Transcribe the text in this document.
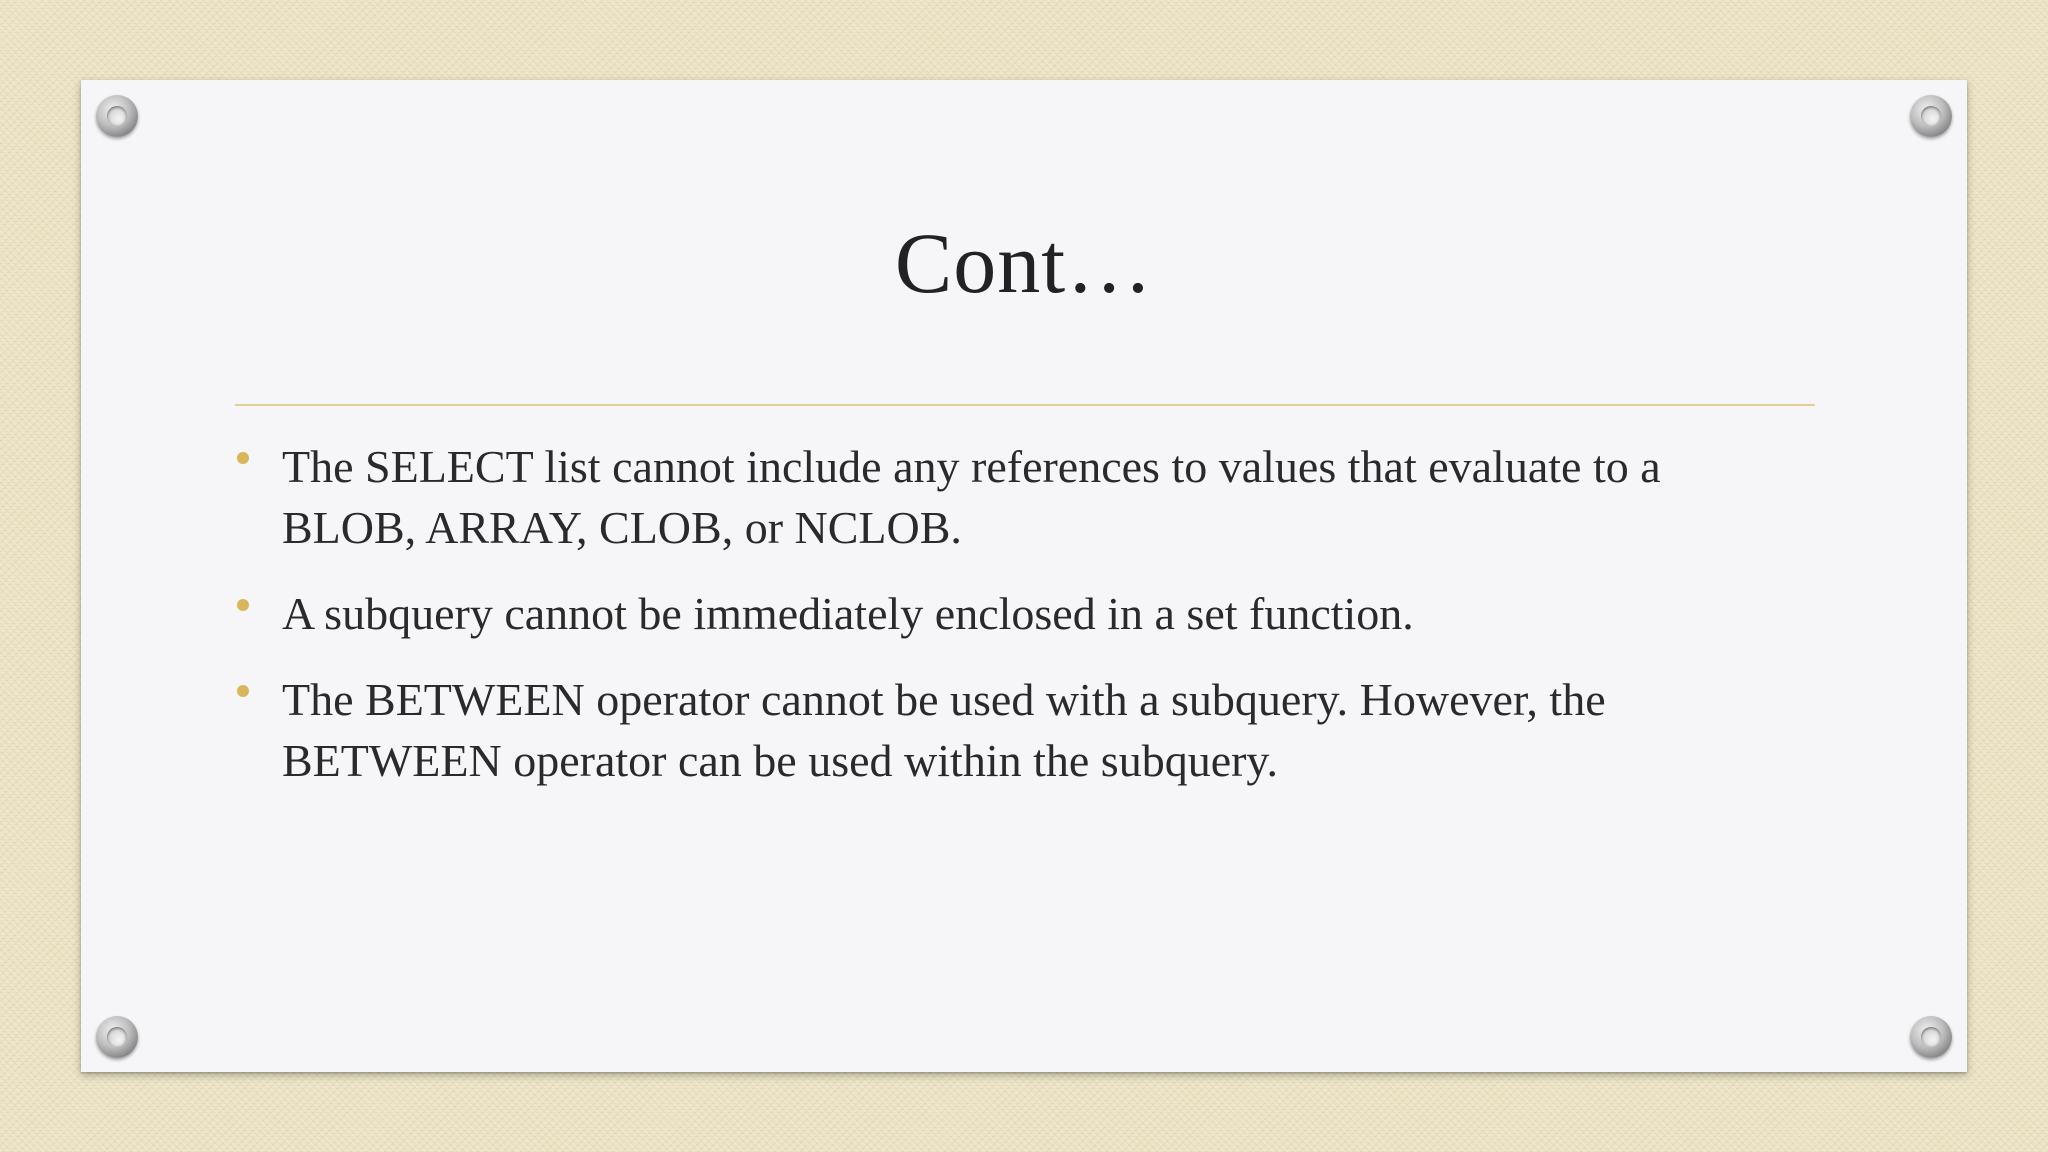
Cont…
The SELECT list cannot include any references to values that evaluate to a BLOB, ARRAY, CLOB, or NCLOB.
A subquery cannot be immediately enclosed in a set function.
The BETWEEN operator cannot be used with a subquery. However, the BETWEEN operator can be used within the subquery.
